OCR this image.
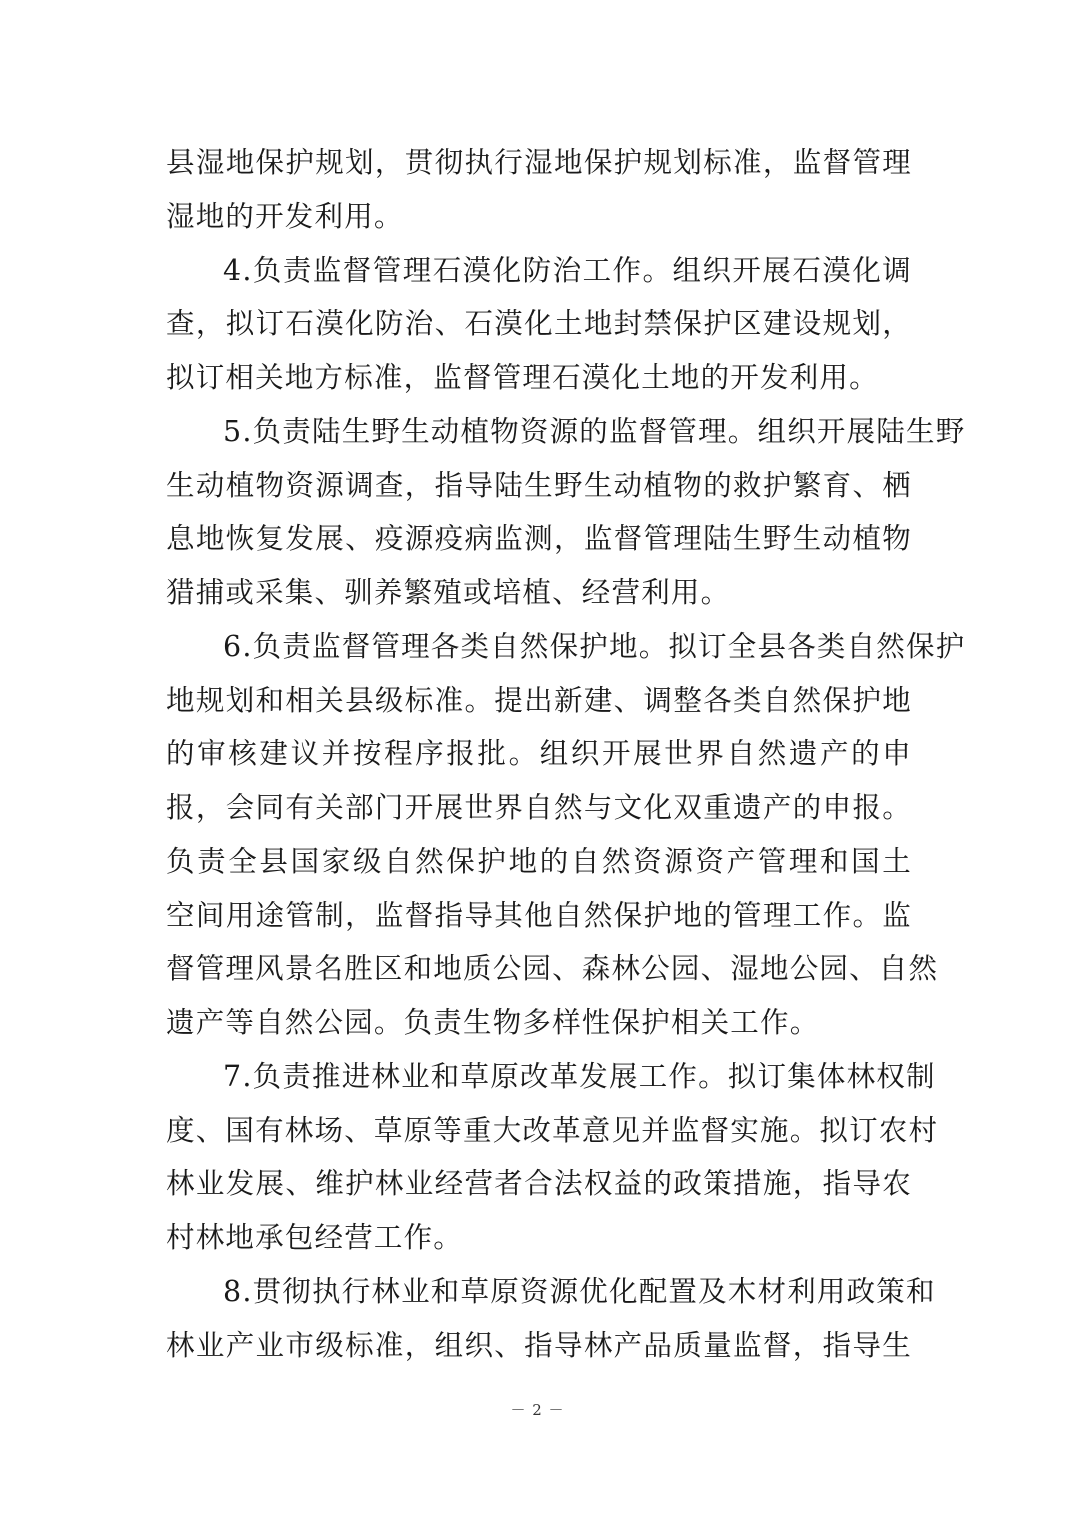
县湿地保护规划，贯彻执行湿地保护规划标准，监督管理
湿地的开发利用。
4.负责监督管理石漠化防治工作。组织开展石漠化调
查，拟订石漠化防治、石漠化土地封禁保护区建设规划，
拟订相关地方标准，监督管理石漠化土地的开发利用。
5.负责陆生野生动植物资源的监督管理。组织开展陆生野
生动植物资源调查，指导陆生野生动植物的救护繁育、栖
息地恢复发展、疫源疫病监测，监督管理陆生野生动植物
猎捕或采集、驯养繁殖或培植、经营利用。
6.负责监督管理各类自然保护地。拟订全县各类自然保护
地规划和相关县级标准。提出新建、调整各类自然保护地
的审核建议并按程序报批。组织开展世界自然遗产的申
报，会同有关部门开展世界自然与文化双重遗产的申报。
负责全县国家级自然保护地的自然资源资产管理和国土
空间用途管制，监督指导其他自然保护地的管理工作。监
督管理风景名胜区和地质公园、森林公园、湿地公园、自然
遗产等自然公园。负责生物多样性保护相关工作。
7.负责推进林业和草原改革发展工作。拟订集体林权制
度、国有林场、草原等重大改革意见并监督实施。拟订农村
林业发展、维护林业经营者合法权益的政策措施，指导农
村林地承包经营工作。
8.贯彻执行林业和草原资源优化配置及木材利用政策和
林业产业市级标准，组织、指导林产品质量监督，指导生
－ 2 －
